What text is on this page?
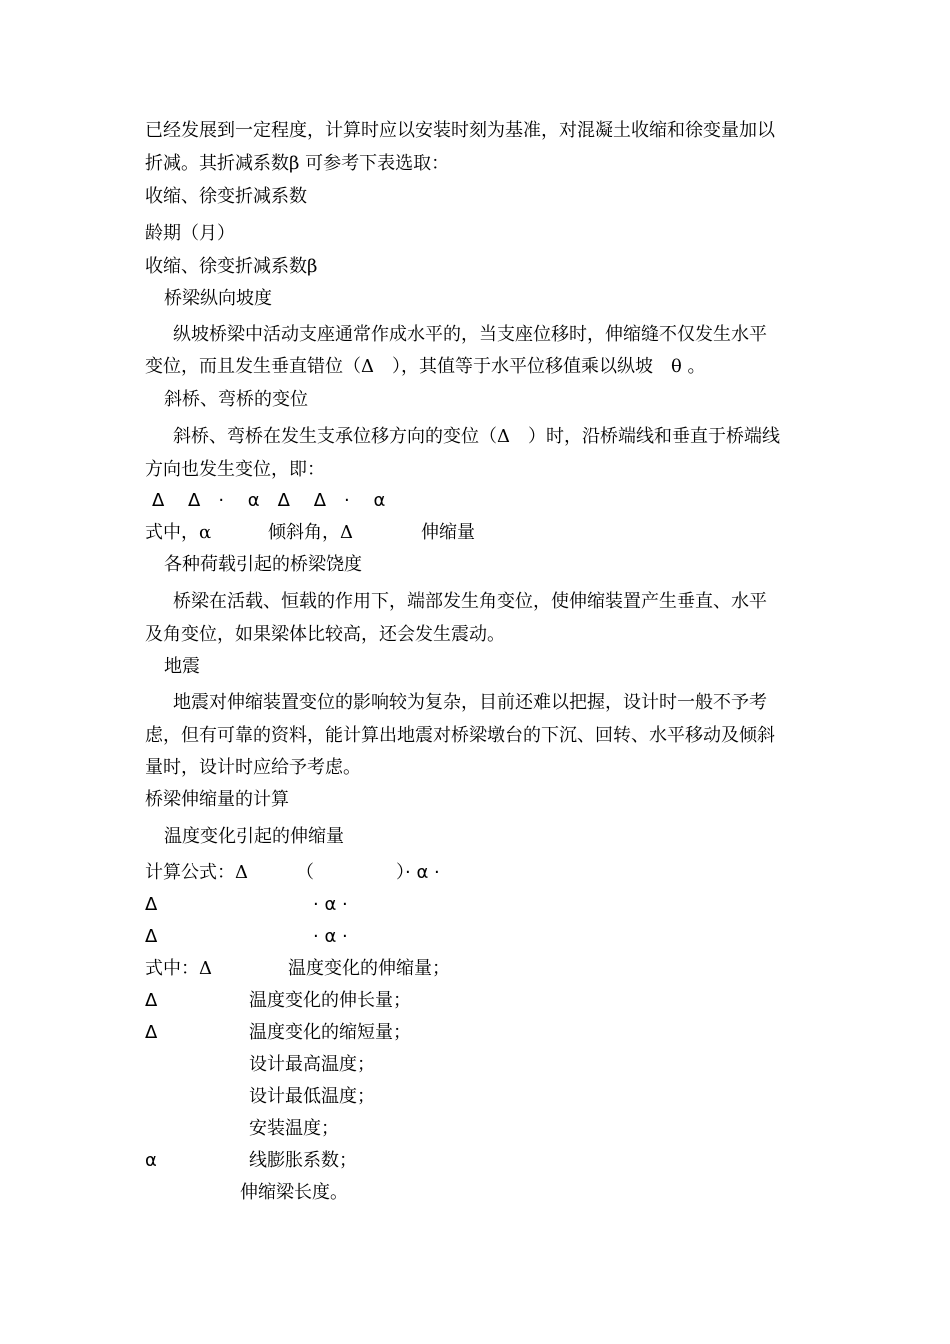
已经发展到一定程度，计算时应以安装时刻为基准，对混凝土收缩和徐变量加以
折减。其折减系数β 可参考下表选取：
收缩、徐变折减系数
龄期（月）
收缩、徐变折减系数β
桥梁纵向坡度
纵坡桥梁中活动支座通常作成水平的，当支座位移时，伸缩缝不仅发生水平
变位，而且发生垂直错位（Δ　），其值等于水平位移值乘以纵坡　θ 。
斜桥、弯桥的变位
斜桥、弯桥在发生支承位移方向的变位（Δ　）时，沿桥端线和垂直于桥端线
方向也发生变位，即：
Δ　 Δ　·　 α　Δ　 Δ　·　 α
式中，α	倾斜角，Δ	伸缩量
各种荷载引起的桥梁饶度
桥梁在活载、恒载的作用下，端部发生角变位，使伸缩装置产生垂直、水平
及角变位，如果梁体比较高，还会发生震动。
地震
地震对伸缩装置变位的影响较为复杂，目前还难以把握，设计时一般不予考
虑，但有可靠的资料，能计算出地震对桥梁墩台的下沉、回转、水平移动及倾斜
量时，设计时应给予考虑。
桥梁伸缩量的计算
温度变化引起的伸缩量
计算公式：Δ	（	）· α ·
Δ	· α ·
Δ	· α ·
式中：Δ	温度变化的伸缩量；
Δ	温度变化的伸长量；
Δ	温度变化的缩短量；
设计最高温度；
设计最低温度；
安装温度；
α	线膨胀系数；
伸缩梁长度。
